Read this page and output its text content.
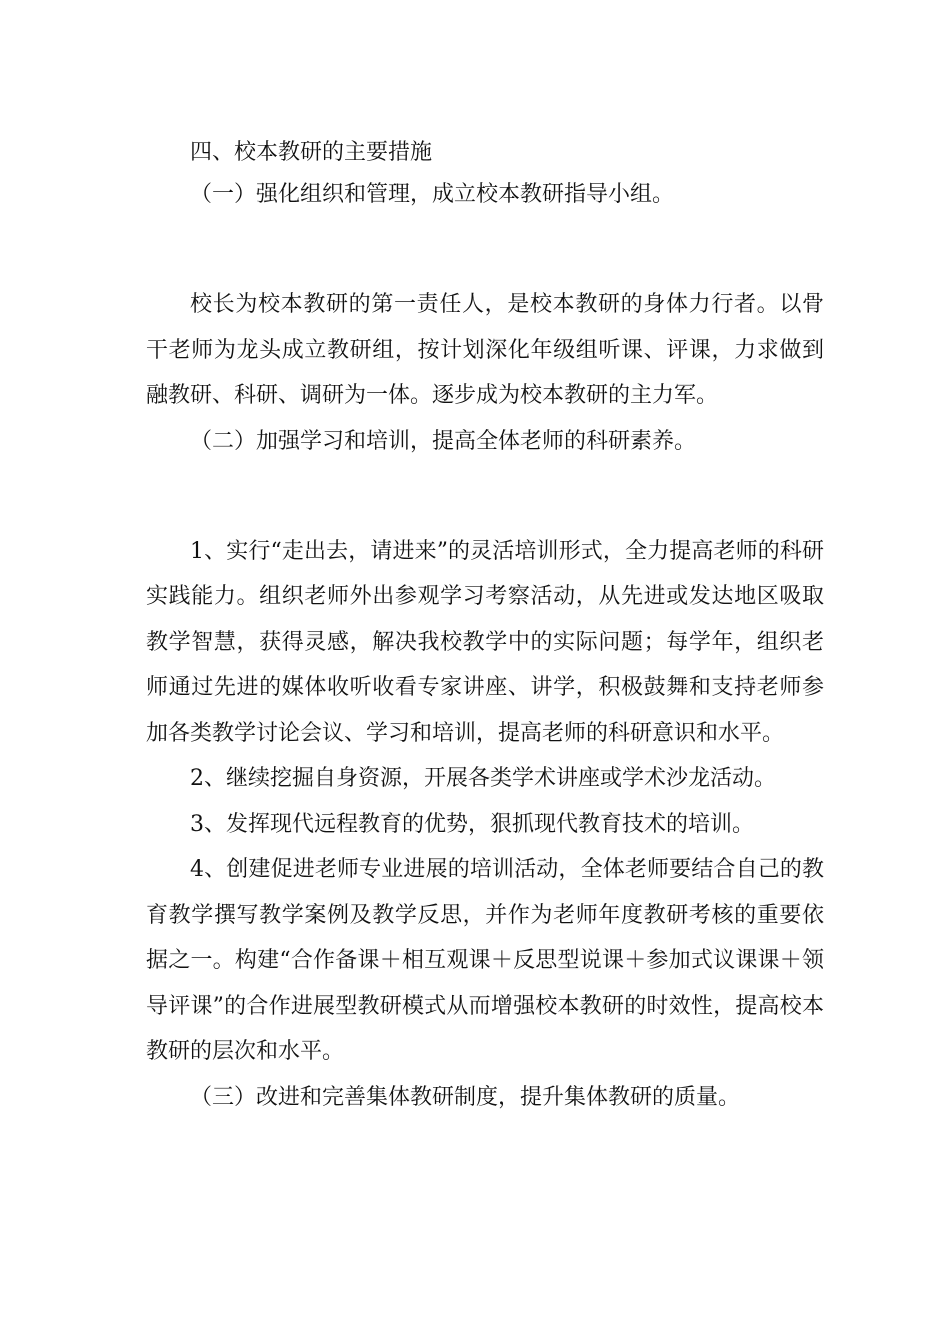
四、校本教研的主要措施

（一）强化组织和管理，成立校本教研指导小组。

校长为校本教研的第一责任人，是校本教研的身体力行者。以骨干老师为龙头成立教研组，按计划深化年级组听课、评课，力求做到融教研、科研、调研为一体。逐步成为校本教研的主力军。

（二）加强学习和培训，提高全体老师的科研素养。

1、实行“走出去，请进来”的灵活培训形式，全力提高老师的科研实践能力。组织老师外出参观学习考察活动，从先进或发达地区吸取教学智慧，获得灵感，解决我校教学中的实际问题；每学年，组织老师通过先进的媒体收听收看专家讲座、讲学，积极鼓舞和支持老师参加各类教学讨论会议、学习和培训，提高老师的科研意识和水平。

2、继续挖掘自身资源，开展各类学术讲座或学术沙龙活动。

3、发挥现代远程教育的优势，狠抓现代教育技术的培训。

4、创建促进老师专业进展的培训活动，全体老师要结合自己的教育教学撰写教学案例及教学反思，并作为老师年度教研考核的重要依据之一。构建“合作备课＋相互观课＋反思型说课＋参加式议课课＋领导评课”的合作进展型教研模式从而增强校本教研的时效性，提高校本教研的层次和水平。

（三）改进和完善集体教研制度，提升集体教研的质量。
